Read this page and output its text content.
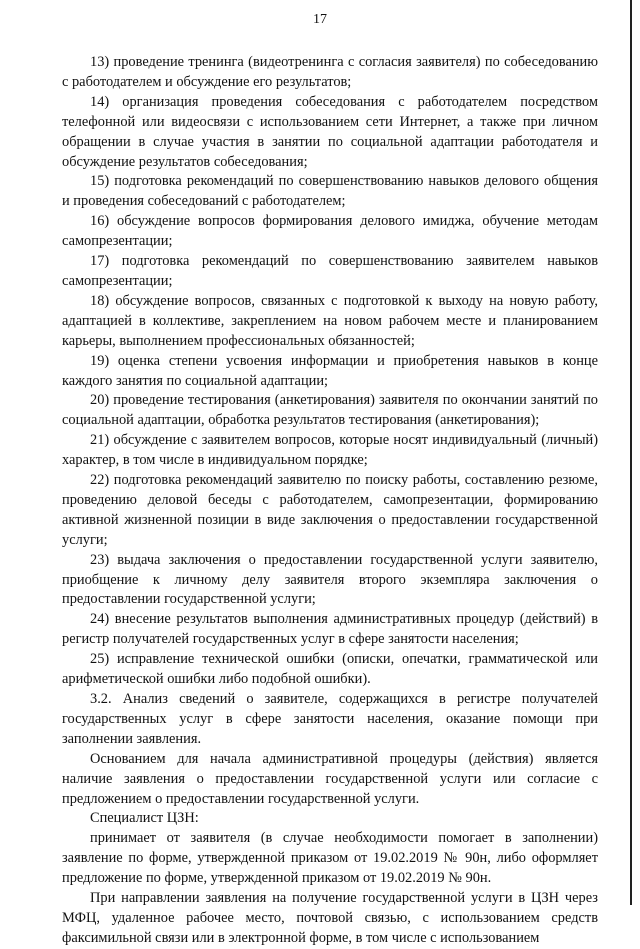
17

13) проведение тренинга (видеотренинга с согласия заявителя) по собеседованию с работодателем и обсуждение его результатов;

14) организация проведения собеседования с работодателем посредством телефонной или видеосвязи с использованием сети Интернет, а также при личном обращении в случае участия в занятии по социальной адаптации работодателя и обсуждение результатов собеседования;

15) подготовка рекомендаций по совершенствованию навыков делового общения и проведения собеседований с работодателем;

16) обсуждение вопросов формирования делового имиджа, обучение методам самопрезентации;

17) подготовка рекомендаций по совершенствованию заявителем навыков самопрезентации;

18) обсуждение вопросов, связанных с подготовкой к выходу на новую работу, адаптацией в коллективе, закреплением на новом рабочем месте и планированием карьеры, выполнением профессиональных обязанностей;

19) оценка степени усвоения информации и приобретения навыков в конце каждого занятия по социальной адаптации;

20) проведение тестирования (анкетирования) заявителя по окончании занятий по социальной адаптации, обработка результатов тестирования (анкетирования);

21) обсуждение с заявителем вопросов, которые носят индивидуальный (личный) характер, в том числе в индивидуальном порядке;

22) подготовка рекомендаций заявителю по поиску работы, составлению резюме, проведению деловой беседы с работодателем, самопрезентации, формированию активной жизненной позиции в виде заключения о предоставлении государственной услуги;

23) выдача заключения о предоставлении государственной услуги заявителю, приобщение к личному делу заявителя второго экземпляра заключения о предоставлении государственной услуги;

24) внесение результатов выполнения административных процедур (действий) в регистр получателей государственных услуг в сфере занятости населения;

25) исправление технической ошибки (описки, опечатки, грамматической или арифметической ошибки либо подобной ошибки).

3.2. Анализ сведений о заявителе, содержащихся в регистре получателей государственных услуг в сфере занятости населения, оказание помощи при заполнении заявления.

Основанием для начала административной процедуры (действия) является наличие заявления о предоставлении государственной услуги или согласие с предложением о предоставлении государственной услуги.

Специалист ЦЗН:

принимает от заявителя (в случае необходимости помогает в заполнении) заявление по форме, утвержденной приказом от 19.02.2019 № 90н, либо оформляет предложение по форме, утвержденной приказом от 19.02.2019 № 90н.

При направлении заявления на получение государственной услуги в ЦЗН через МФЦ, удаленное рабочее место, почтовой связью, с использованием средств факсимильной связи или в электронной форме, в том числе с использованием
